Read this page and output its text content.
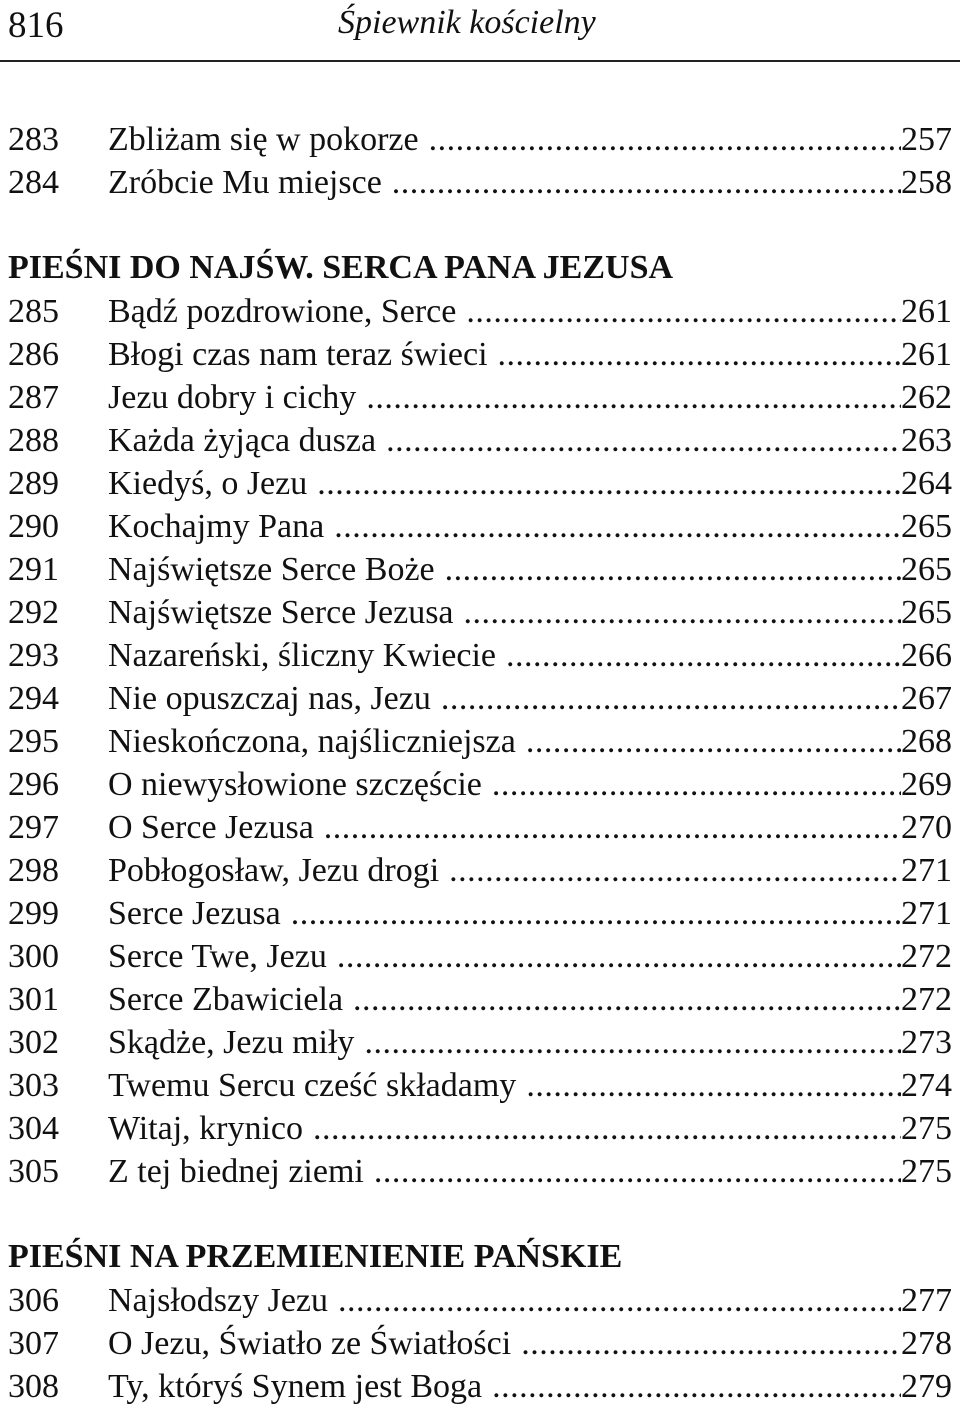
816	Śpiewnik kościelny
283	Zbliżam się w pokorze .....	257
284	Zróbcie Mu miejsce .....	258
PIEŚNI DO NAJŚW. SERCA PANA JEZUSA
285	Bądź pozdrowione, Serce .....	261
286	Błogi czas nam teraz świeci .....	261
287	Jezu dobry i cichy .....	262
288	Każda żyjąca dusza .....	263
289	Kiedyś, o Jezu .....	264
290	Kochajmy Pana .....	265
291	Najświętsze Serce Boże .....	265
292	Najświętsze Serce Jezusa .....	265
293	Nazareński, śliczny Kwiecie .....	266
294	Nie opuszczaj nas, Jezu .....	267
295	Nieskończona, najśliczniejsza .....	268
296	O niewysłowione szczęście .....	269
297	O Serce Jezusa .....	270
298	Pobłogosław, Jezu drogi .....	271
299	Serce Jezusa .....	271
300	Serce Twe, Jezu .....	272
301	Serce Zbawiciela .....	272
302	Skądże, Jezu miły .....	273
303	Twemu Sercu cześć składamy .....	274
304	Witaj, krynico .....	275
305	Z tej biednej ziemi .....	275
PIEŚNI NA PRZEMIENIENIE PAŃSKIE
306	Najsłodszy Jezu .....	277
307	O Jezu, Światło ze Światłości .....	278
308	Ty, któryś Synem jest Boga .....	279
